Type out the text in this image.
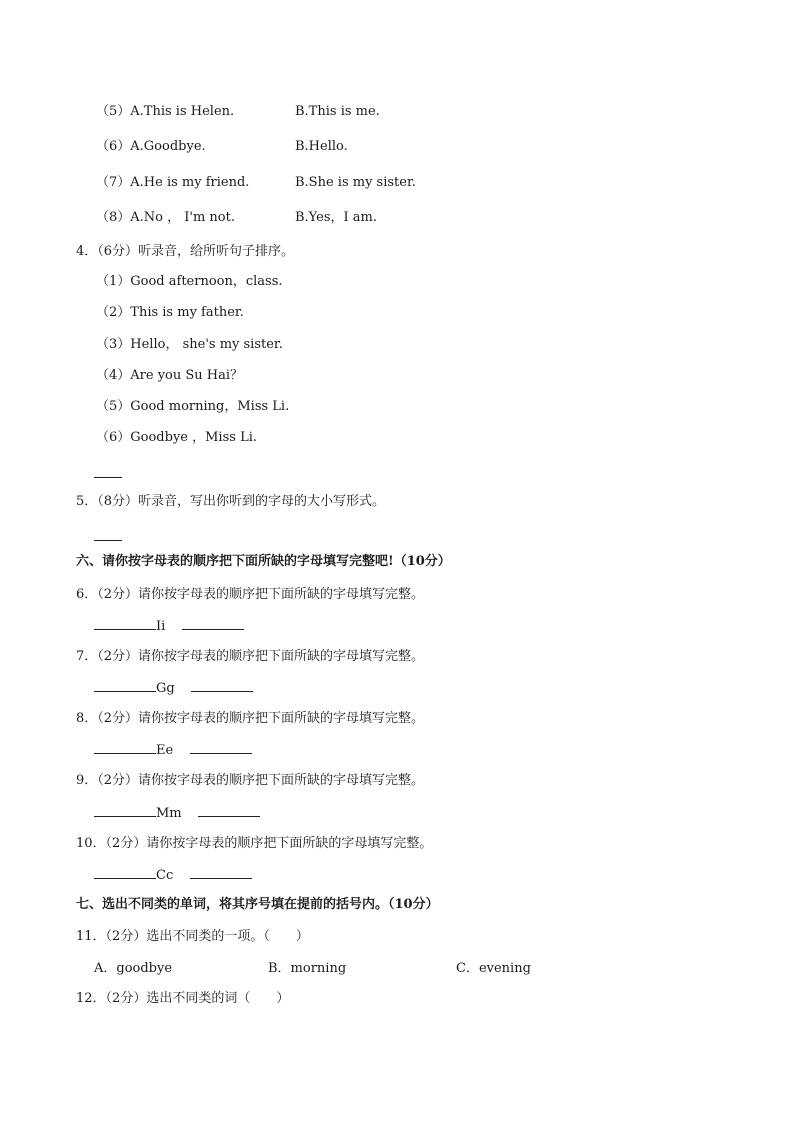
（5）A.This is Helen.	B.This is me.
（6）A.Goodbye.	B.Hello.
（7）A.He is my friend.	B.She is my sister.
（8）A.No ， I'm not.	B.Yes，I am.
4．（6分）听录音，给所听句子排序。
（1）Good afternoon，class.
（2）This is my father.
（3）Hello， she's my sister.
（4）Are you Su Hai？
（5）Good morning，Miss Li.
（6）Goodbye ，Miss Li.
5．（8分）听录音，写出你听到的字母的大小写形式。
六、请你按字母表的顺序把下面所缺的字母填写完整吧!（10分）
6．（2分）请你按字母表的顺序把下面所缺的字母填写完整。
Ii
7．（2分）请你按字母表的顺序把下面所缺的字母填写完整。
Gg
8．（2分）请你按字母表的顺序把下面所缺的字母填写完整。
Ee
9．（2分）请你按字母表的顺序把下面所缺的字母填写完整。
Mm
10．（2分）请你按字母表的顺序把下面所缺的字母填写完整。
Cc
七、选出不同类的单词，将其序号填在提前的括号内。（10分）
11．（2分）选出不同类的一项。（　　）
A．goodbye	B．morning	C．evening
12．（2分）选出不同类的词（　　）
